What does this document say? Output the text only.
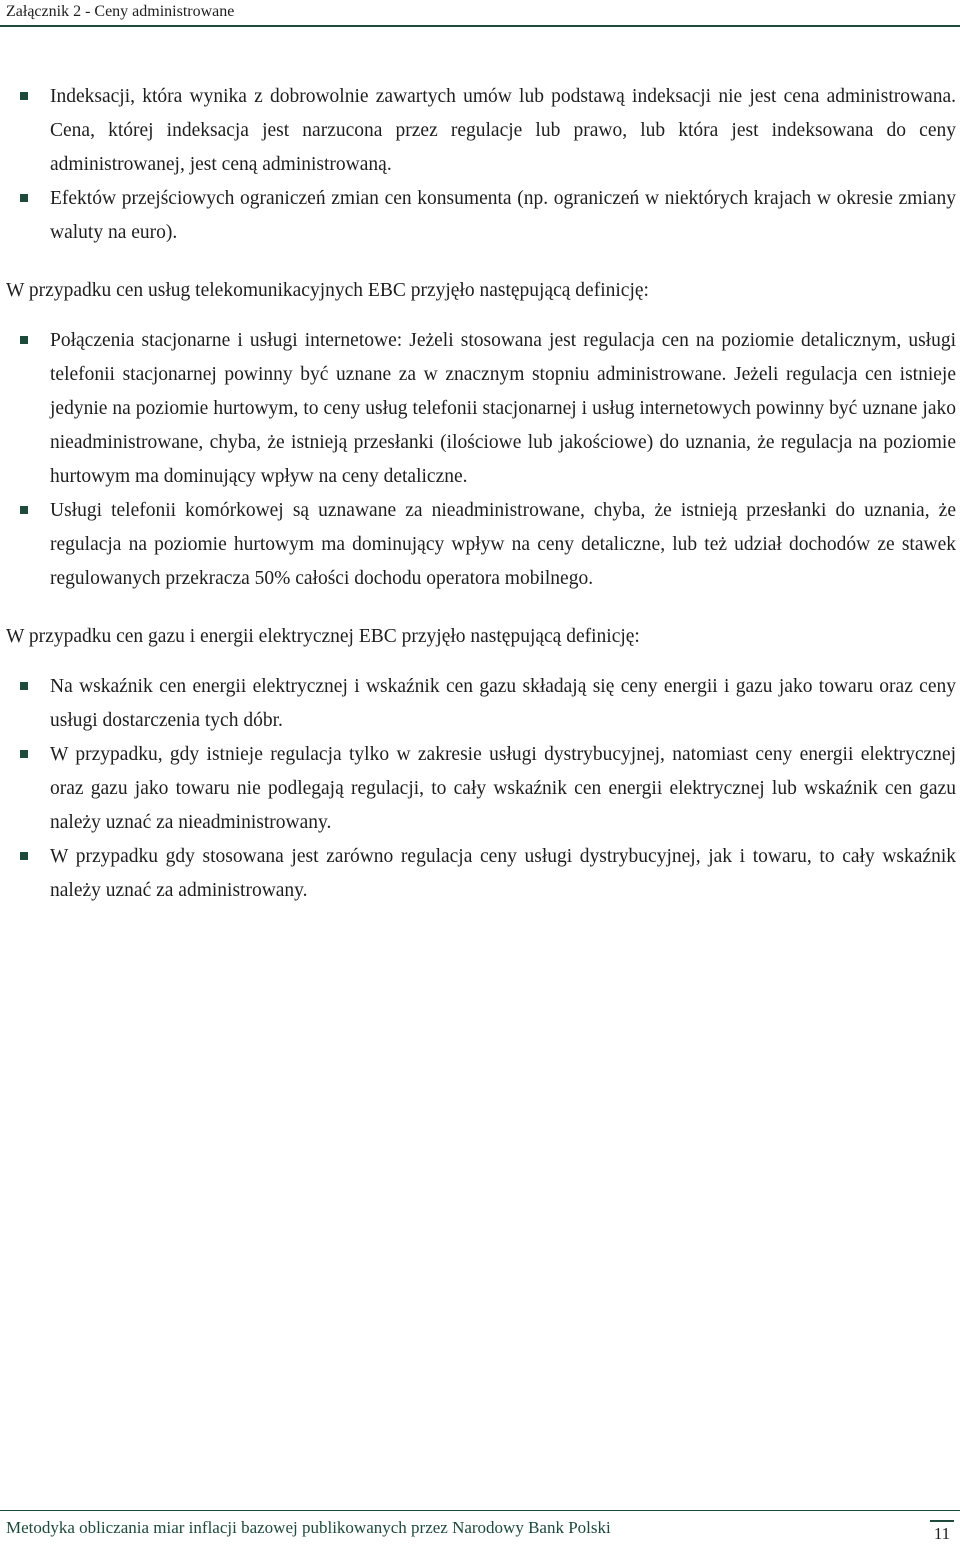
Załącznik 2 - Ceny administrowane
Indeksacji, która wynika z dobrowolnie zawartych umów lub podstawą indeksacji nie jest cena administrowana. Cena, której indeksacja jest narzucona przez regulacje lub prawo, lub która jest indeksowana do ceny administrowanej, jest ceną administrowaną.
Efektów przejściowych ograniczeń zmian cen konsumenta (np. ograniczeń w niektórych krajach w okresie zmiany waluty na euro).

W przypadku cen usług telekomunikacyjnych EBC przyjęło następującą definicję:

Połączenia stacjonarne i usługi internetowe: Jeżeli stosowana jest regulacja cen na poziomie detalicznym, usługi telefonii stacjonarnej powinny być uznane za w znacznym stopniu administrowane. Jeżeli regulacja cen istnieje jedynie na poziomie hurtowym, to ceny usług telefonii stacjonarnej i usług internetowych powinny być uznane jako nieadministrowane, chyba, że istnieją przesłanki (ilościowe lub jakościowe) do uznania, że regulacja na poziomie hurtowym ma dominujący wpływ na ceny detaliczne.
Usługi telefonii komórkowej są uznawane za nieadministrowane, chyba, że istnieją przesłanki do uznania, że regulacja na poziomie hurtowym ma dominujący wpływ na ceny detaliczne, lub też udział dochodów ze stawek regulowanych przekracza 50% całości dochodu operatora mobilnego.

W przypadku cen gazu i energii elektrycznej EBC przyjęło następującą definicję:

Na wskaźnik cen energii elektrycznej i wskaźnik cen gazu składają się ceny energii i gazu jako towaru oraz ceny usługi dostarczenia tych dóbr.
W przypadku, gdy istnieje regulacja tylko w zakresie usługi dystrybucyjnej, natomiast ceny energii elektrycznej oraz gazu jako towaru nie podlegają regulacji, to cały wskaźnik cen energii elektrycznej lub wskaźnik cen gazu należy uznać za nieadministrowany.
W przypadku gdy stosowana jest zarówno regulacja ceny usługi dystrybucyjnej, jak i towaru, to cały wskaźnik należy uznać za administrowany.
Metodyka obliczania miar inflacji bazowej publikowanych przez Narodowy Bank Polski	11
